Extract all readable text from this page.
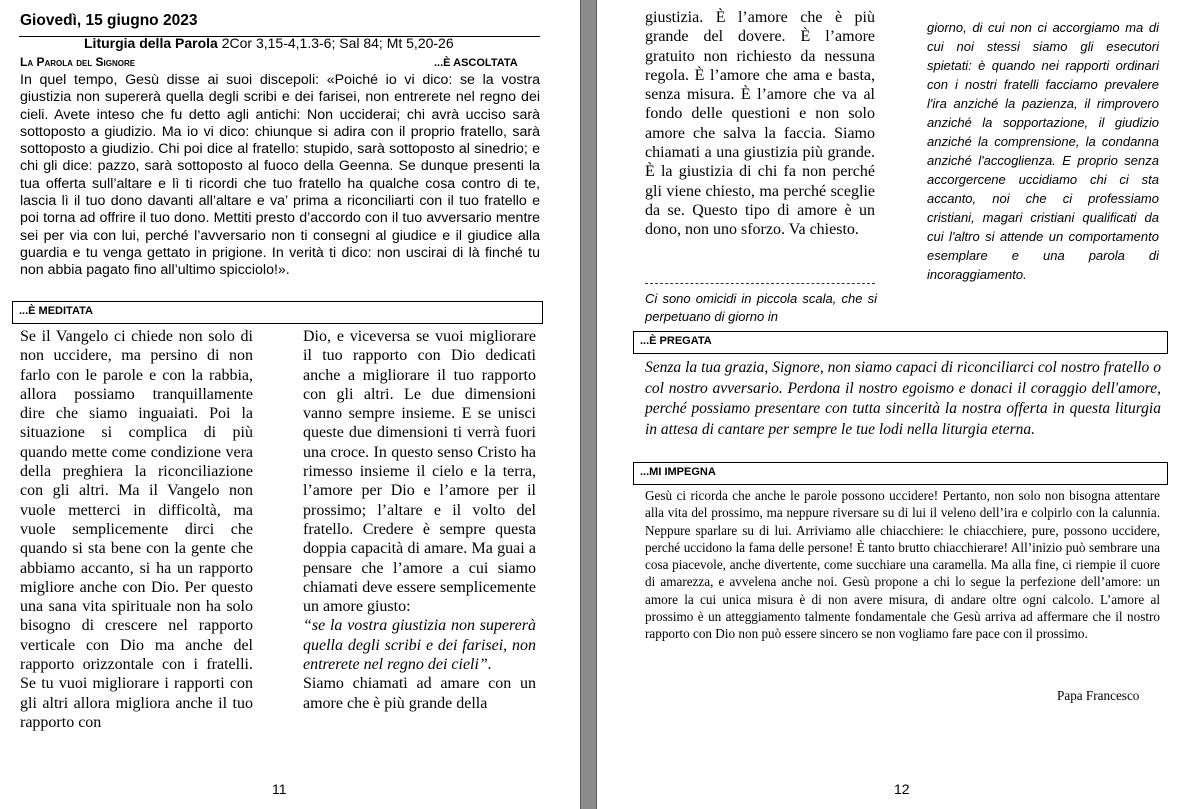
Giovedì, 15 giugno 2023
Liturgia della Parola 2Cor 3,15-4,1.3-6; Sal 84; Mt 5,20-26
La Parola del Signore	...È ASCOLTATA
In quel tempo, Gesù disse ai suoi discepoli: «Poiché io vi dico: se la vostra giustizia non supererà quella degli scribi e dei farisei, non entrerete nel regno dei cieli. Avete inteso che fu detto agli antichi: Non ucciderai; chi avrà ucciso sarà sottoposto a giudizio. Ma io vi dico: chiunque si adira con il proprio fratello, sarà sottoposto a giudizio. Chi poi dice al fratello: stupido, sarà sottoposto al sinedrio; e chi gli dice: pazzo, sarà sottoposto al fuoco della Geenna. Se dunque presenti la tua offerta sull’altare e lì ti ricordi che tuo fratello ha qualche cosa contro di te, lascia lì il tuo dono davanti all’altare e va’ prima a riconciliarti con il tuo fratello e poi torna ad offrire il tuo dono. Mettiti presto d’accordo con il tuo avversario mentre sei per via con lui, perché l’avversario non ti consegni al giudice e il giudice alla guardia e tu venga gettato in prigione. In verità ti dico: non uscirai di là finché tu non abbia pagato fino all’ultimo spicciolo!».
...È MEDITATA
Se il Vangelo ci chiede non solo di non uccidere, ma persino di non farlo con le parole e con la rabbia, allora possiamo tranquillamente dire che siamo inguaiati. Poi la situazione si complica di più quando mette come condizione vera della preghiera la riconciliazione con gli altri. Ma il Vangelo non vuole metterci in difficoltà, ma vuole semplicemente dirci che quando si sta bene con la gente che abbiamo accanto, si ha un rapporto migliore anche con Dio. Per questo una sana vita spirituale non ha solo bisogno di crescere nel rapporto verticale con Dio ma anche del rapporto orizzontale con i fratelli. Se tu vuoi migliorare i rapporti con gli altri allora migliora anche il tuo rapporto con
Dio, e viceversa se vuoi migliorare il tuo rapporto con Dio dedicati anche a migliorare il tuo rapporto con gli altri. Le due dimensioni vanno sempre insieme. E se unisci queste due dimensioni ti verrà fuori una croce. In questo senso Cristo ha rimesso insieme il cielo e la terra, l’amore per Dio e l’amore per il prossimo; l’altare e il volto del fratello. Credere è sempre questa doppia capacità di amare. Ma guai a pensare che l’amore a cui siamo chiamati deve essere semplicemente un amore giusto:
“se la vostra giustizia non supererà quella degli scribi e dei farisei, non entrerete nel regno dei cieli”.
Siamo chiamati ad amare con un amore che è più grande della
11
giustizia. È l’amore che è più grande del dovere. È l’amore gratuito non richiesto da nessuna regola. È l’amore che ama e basta, senza misura. È l’amore che va al fondo delle questioni e non solo amore che salva la faccia. Siamo chiamati a una giustizia più grande. È la giustizia di chi fa non perché gli viene chiesto, ma perché sceglie da se. Questo tipo di amore è un dono, non uno sforzo. Va chiesto.
Ci sono omicidi in piccola scala, che si perpetuano di giorno in
giorno, di cui non ci accorgiamo ma di cui noi stessi siamo gli esecutori spietati: è quando nei rapporti ordinari con i nostri fratelli facciamo prevalere l'ira anziché la pazienza, il rimprovero anziché la sopportazione, il giudizio anziché la comprensione, la condanna anziché l'accoglienza. E proprio senza accorgercene uccidiamo chi ci sta accanto, noi che ci professiamo cristiani, magari cristiani qualificati da cui l'altro si attende un comportamento esemplare e una parola di incoraggiamento.
...È PREGATA
Senza la tua grazia, Signore, non siamo capaci di riconciliarci col nostro fratello o col nostro avversario. Perdona il nostro egoismo e donaci il coraggio dell'amore, perché possiamo presentare con tutta sincerità la nostra offerta in questa liturgia in attesa di cantare per sempre le tue lodi nella liturgia eterna.
...MI IMPEGNA
Gesù ci ricorda che anche le parole possono uccidere! Pertanto, non solo non bisogna attentare alla vita del prossimo, ma neppure riversare su di lui il veleno dell’ira e colpirlo con la calunnia. Neppure sparlare su di lui. Arriviamo alle chiacchiere: le chiacchiere, pure, possono uccidere, perché uccidono la fama delle persone! È tanto brutto chiacchierare! All’inizio può sembrare una cosa piacevole, anche divertente, come succhiare una caramella. Ma alla fine, ci riempie il cuore di amarezza, e avvelena anche noi. Gesù propone a chi lo segue la perfezione dell’amore: un amore la cui unica misura è di non avere misura, di andare oltre ogni calcolo. L’amore al prossimo è un atteggiamento talmente fondamentale che Gesù arriva ad affermare che il nostro rapporto con Dio non può essere sincero se non vogliamo fare pace con il prossimo.
Papa Francesco
12
